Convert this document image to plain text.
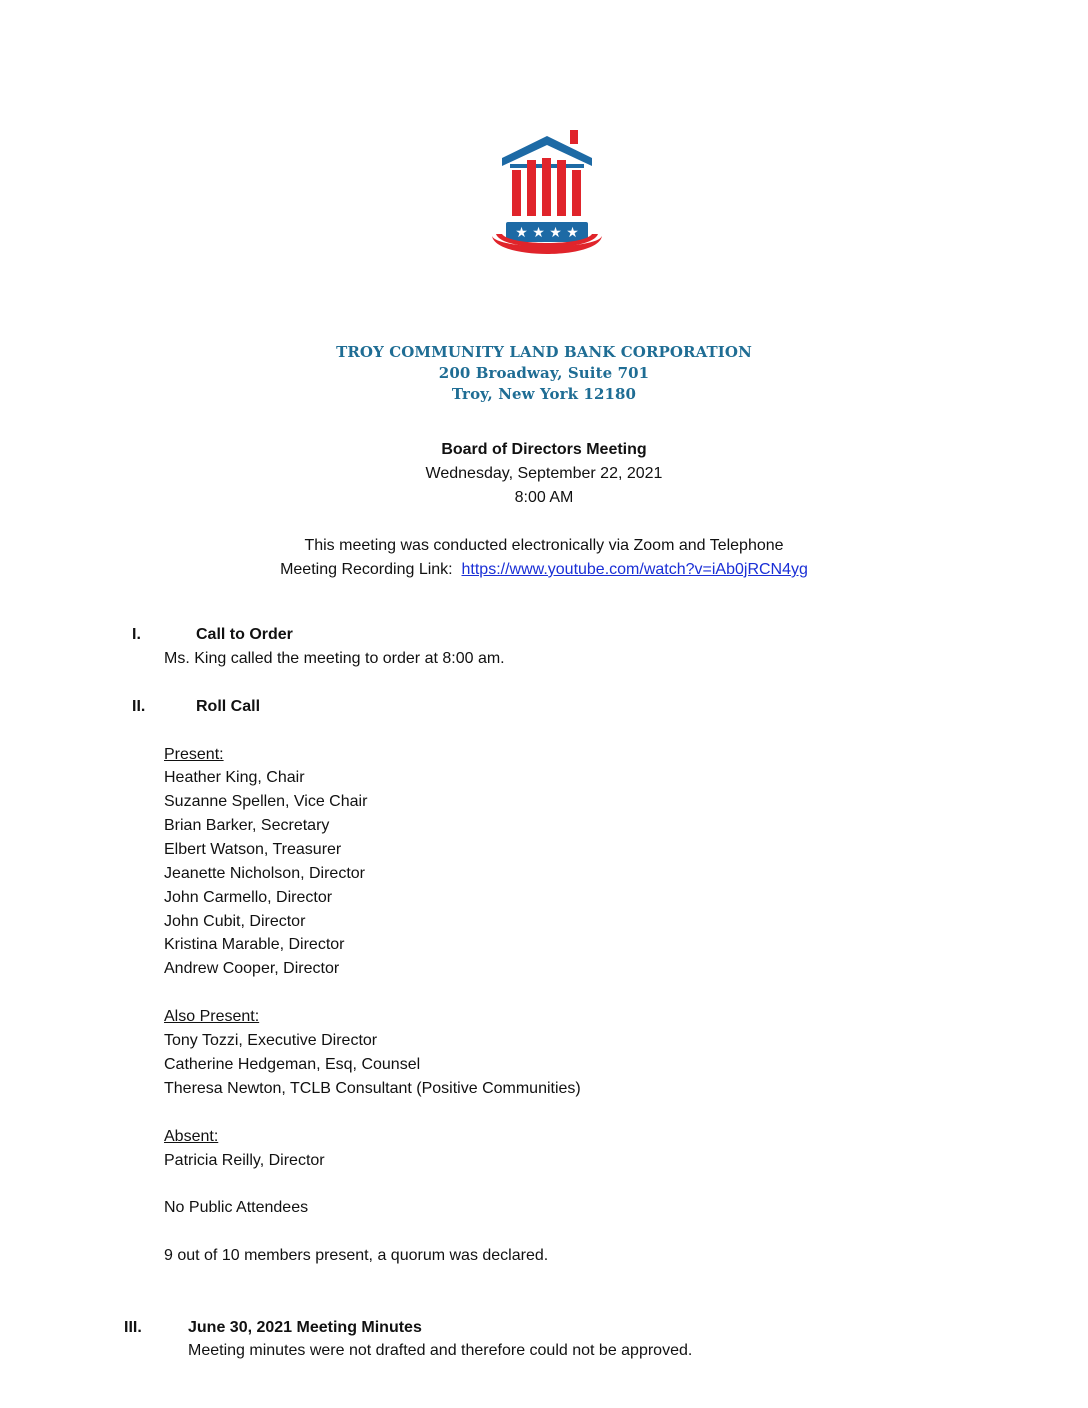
★ ★ ★ ★
TROY COMMUNITY LAND BANK CORPORATION
200 Broadway, Suite 701
Troy, New York 12180
Board of Directors Meeting
Wednesday, September 22, 2021
8:00 AM
This meeting was conducted electronically via Zoom and Telephone
Meeting Recording Link: https://www.youtube.com/watch?v=iAb0jRCN4yg
I.	Call to Order
Ms. King called the meeting to order at 8:00 am.
II.	Roll Call
Present:
Heather King, Chair
Suzanne Spellen, Vice Chair
Brian Barker, Secretary
Elbert Watson, Treasurer
Jeanette Nicholson, Director
John Carmello, Director
John Cubit, Director
Kristina Marable, Director
Andrew Cooper, Director
Also Present:
Tony Tozzi, Executive Director
Catherine Hedgeman, Esq, Counsel
Theresa Newton, TCLB Consultant (Positive Communities)
Absent:
Patricia Reilly, Director
No Public Attendees
9 out of 10 members present, a quorum was declared.
III.	June 30, 2021 Meeting Minutes
Meeting minutes were not drafted and therefore could not be approved.
